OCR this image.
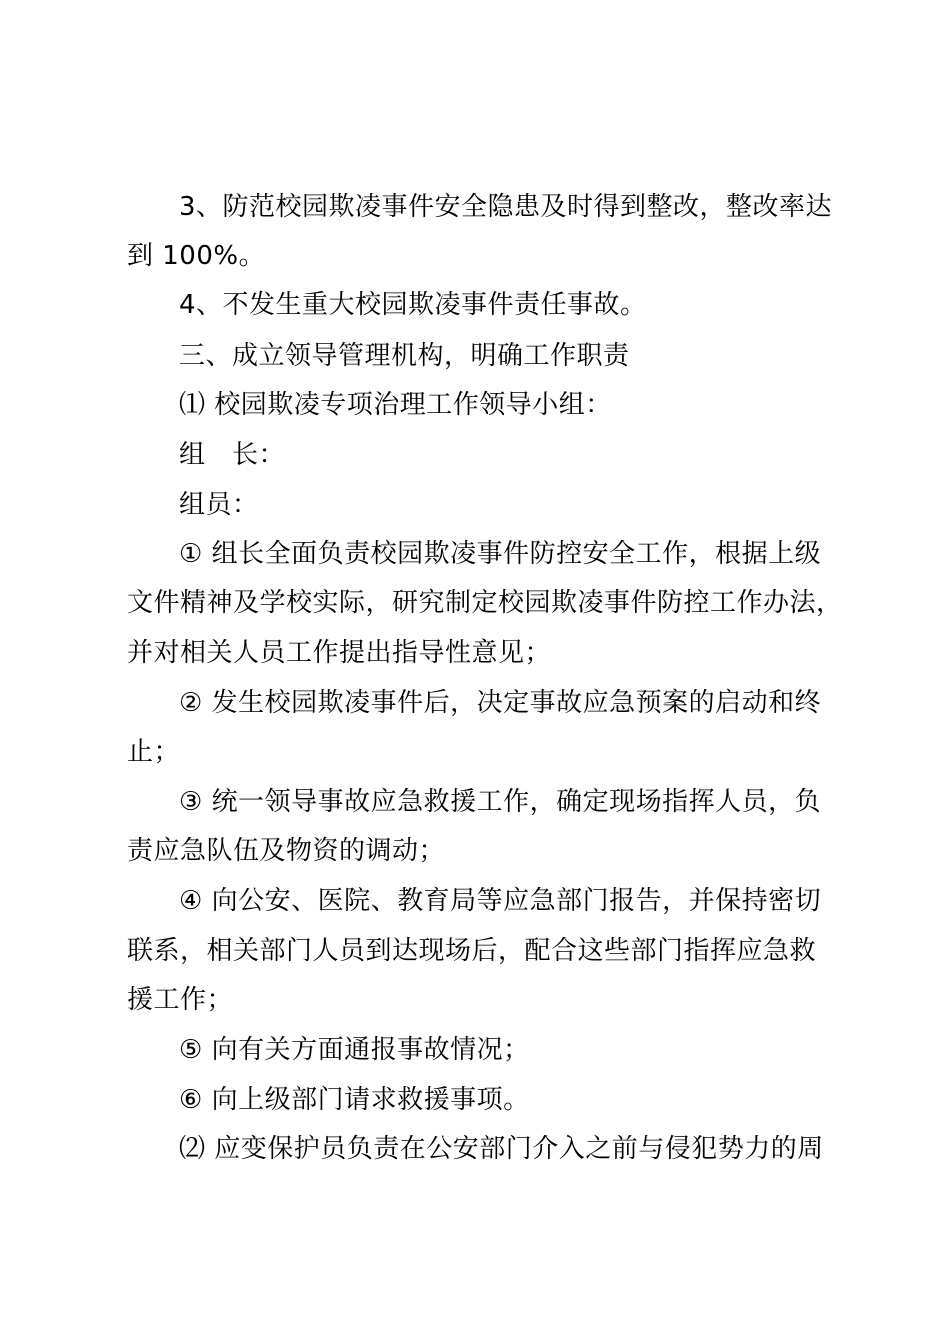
3、防范校园欺凌事件安全隐患及时得到整改，整改率达
到 100%。
4、不发生重大校园欺凌事件责任事故。
三、成立领导管理机构，明确工作职责
⑴ 校园欺凌专项治理工作领导小组：
组　长：
组员：
① 组长全面负责校园欺凌事件防控安全工作，根据上级
文件精神及学校实际，研究制定校园欺凌事件防控工作办法，
并对相关人员工作提出指导性意见；
② 发生校园欺凌事件后，决定事故应急预案的启动和终
止；
③ 统一领导事故应急救援工作，确定现场指挥人员，负
责应急队伍及物资的调动；
④ 向公安、医院、教育局等应急部门报告，并保持密切
联系，相关部门人员到达现场后，配合这些部门指挥应急救
援工作；
⑤ 向有关方面通报事故情况；
⑥ 向上级部门请求救援事项。
⑵ 应变保护员负责在公安部门介入之前与侵犯势力的周
